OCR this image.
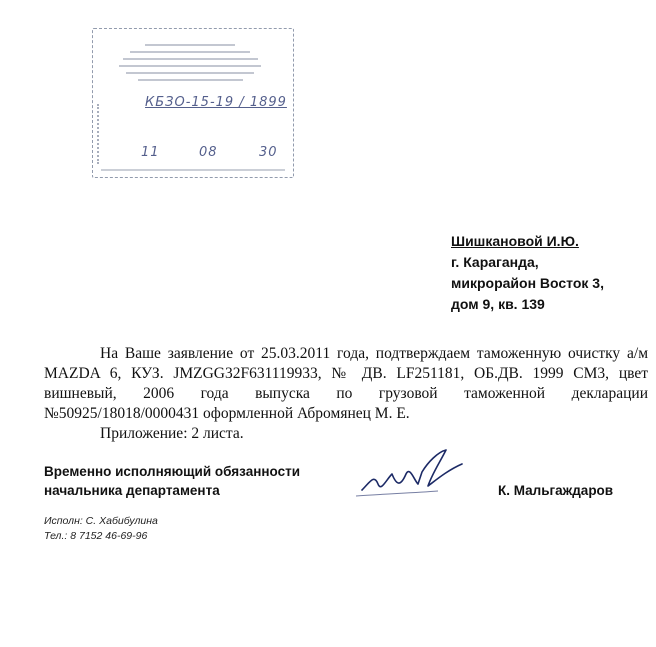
КБЗО-15-19 / 1899
11	08	30
Шишкановой И.Ю.
г. Караганда,
микрорайон Восток 3,
дом 9, кв. 139
На Ваше заявление от 25.03.2011 года, подтверждаем таможенную очистку а/м MAZDA 6, КУЗ. JMZGG32F631119933, № ДВ. LF251181, ОБ.ДВ. 1999 СМ3, цвет вишневый, 2006 года выпуска по грузовой таможенной декларации №50925/18018/0000431 оформленной Абромянец М. Е.
Приложение: 2 листа.
Временно исполняющий обязанности
начальника департамента	К. Мальгаждаров
Исполн: С. Хабибулина
Тел.: 8 7152 46-69-96
